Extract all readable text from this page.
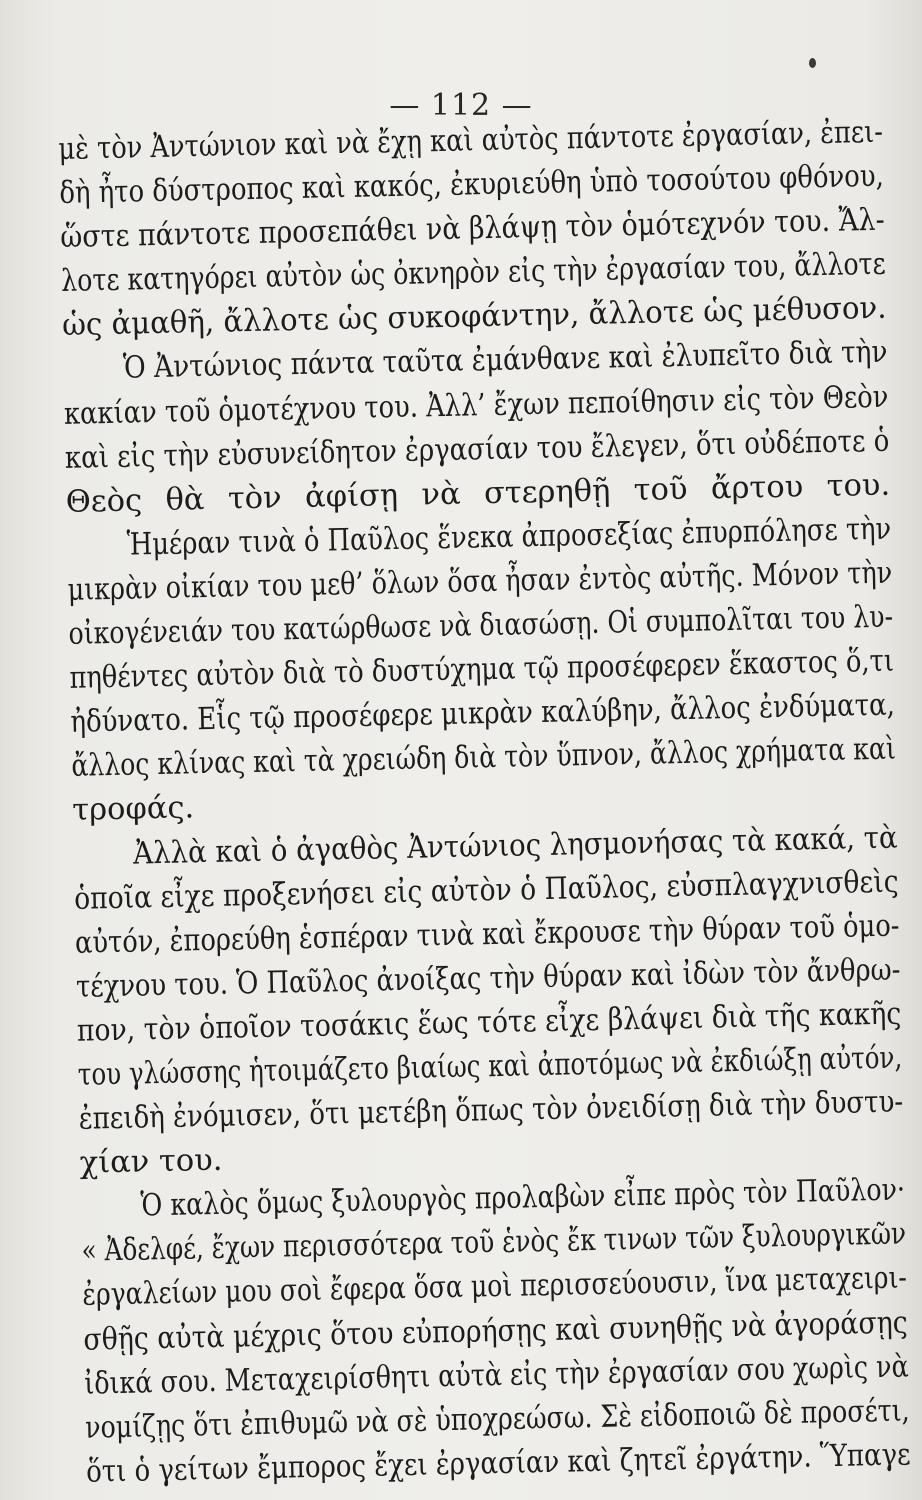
— 112 —
μὲ τὸν Ἀντώνιον καὶ νὰ ἔχῃ καὶ αὐτὸς πάντοτε ἐργασίαν, ἐπει-
δὴ ἦτο δύστροπος καὶ κακός, ἐκυριεύθη ὑπὸ τοσούτου φθόνου,
ὥστε πάντοτε προσεπάθει νὰ βλάψῃ τὸν ὁμότεχνόν του. Ἄλ-
λοτε κατηγόρει αὐτὸν ὡς ὀκνηρὸν εἰς τὴν ἐργασίαν του, ἄλλοτε
ὡς ἀμαθῆ, ἄλλοτε ὡς συκοφάντην, ἄλλοτε ὡς μέθυσον.
Ὁ Ἀντώνιος πάντα ταῦτα ἐμάνθανε καὶ ἐλυπεῖτο διὰ τὴν
κακίαν τοῦ ὁμοτέχνου του. Ἀλλ’ ἔχων πεποίθησιν εἰς τὸν Θεὸν
καὶ εἰς τὴν εὐσυνείδητον ἐργασίαν του ἔλεγεν, ὅτι οὐδέποτε ὁ
Θεὸς θὰ τὸν ἀφίσῃ νὰ στερηθῇ τοῦ ἄρτου του.
Ἡμέραν τινὰ ὁ Παῦλος ἕνεκα ἀπροσεξίας ἐπυρπόλησε τὴν
μικρὰν οἰκίαν του μεθ’ ὅλων ὅσα ἦσαν ἐντὸς αὐτῆς. Μόνον τὴν
οἰκογένειάν του κατώρθωσε νὰ διασώσῃ. Οἱ συμπολῖται του λυ-
πηθέντες αὐτὸν διὰ τὸ δυστύχημα τῷ προσέφερεν ἕκαστος ὅ,τι
ἠδύνατο. Εἷς τῷ προσέφερε μικρὰν καλύβην, ἄλλος ἐνδύματα,
ἄλλος κλίνας καὶ τὰ χρειώδη διὰ τὸν ὕπνον, ἄλλος χρήματα καὶ
τροφάς.
Ἀλλὰ καὶ ὁ ἀγαθὸς Ἀντώνιος λησμονήσας τὰ κακά, τὰ
ὁποῖα εἶχε προξενήσει εἰς αὐτὸν ὁ Παῦλος, εὐσπλαγχνισθεὶς
αὐτόν, ἐπορεύθη ἑσπέραν τινὰ καὶ ἔκρουσε τὴν θύραν τοῦ ὁμο-
τέχνου του. Ὁ Παῦλος ἀνοίξας τὴν θύραν καὶ ἰδὼν τὸν ἄνθρω-
πον, τὸν ὁποῖον τοσάκις ἕως τότε εἶχε βλάψει διὰ τῆς κακῆς
του γλώσσης ἡτοιμάζετο βιαίως καὶ ἀποτόμως νὰ ἐκδιώξῃ αὐτόν,
ἐπειδὴ ἐνόμισεν, ὅτι μετέβη ὅπως τὸν ὀνειδίσῃ διὰ τὴν δυστυ-
χίαν του.
Ὁ καλὸς ὅμως ξυλουργὸς προλαβὼν εἶπε πρὸς τὸν Παῦλον·
« Ἀδελφέ, ἔχων περισσότερα τοῦ ἑνὸς ἔκ τινων τῶν ξυλουργικῶν
ἐργαλείων μου σοὶ ἔφερα ὅσα μοὶ περισσεύουσιν, ἵνα μεταχειρι-
σθῇς αὐτὰ μέχρις ὅτου εὐπορήσῃς καὶ συνηθῇς νὰ ἀγοράσῃς
ἰδικά σου. Μεταχειρίσθητι αὐτὰ εἰς τὴν ἐργασίαν σου χωρὶς νὰ
νομίζῃς ὅτι ἐπιθυμῶ νὰ σὲ ὑποχρεώσω. Σὲ εἰδοποιῶ δὲ προσέτι,
ὅτι ὁ γείτων ἔμπορος ἔχει ἐργασίαν καὶ ζητεῖ ἐργάτην. Ὕπαγε
